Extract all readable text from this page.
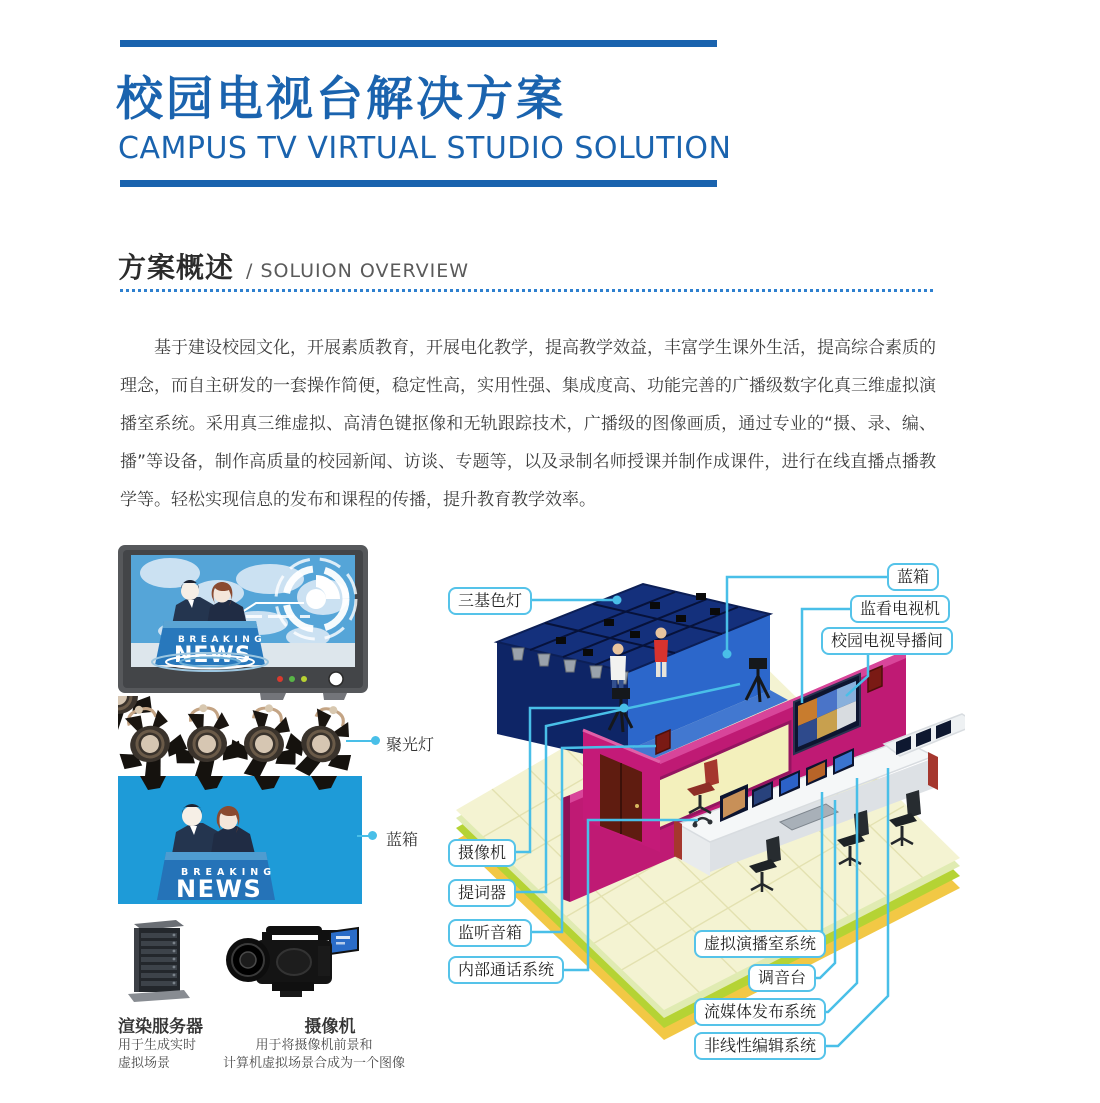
校园电视台解决方案
CAMPUS TV VIRTUAL STUDIO SOLUTION
方案概述 / SOLUION OVERVIEW

基于建设校园文化，开展素质教育，开展电化教学，提高教学效益，丰富学生课外生活，提高综合素质的理念，而自主研发的一套操作简便，稳定性高，实用性强、集成度高、功能完善的广播级数字化真三维虚拟演播室系统。采用真三维虚拟、高清色键抠像和无轨跟踪技术，广播级的图像画质，通过专业的“摄、录、编、播”等设备，制作高质量的校园新闻、访谈、专题等，以及录制名师授课并制作成课件，进行在线直播点播教学等。轻松实现信息的发布和课程的传播，提升教育教学效率。

BREAKING
NEWS
聚光灯
BREAKING
NEWS
蓝箱
渲染服务器
用于生成实时
虚拟场景
摄像机
用于将摄像机前景和
计算机虚拟场景合成为一个图像
三基色灯
蓝箱
监看电视机
校园电视导播间
摄像机
提词器
监听音箱
内部通话系统
虚拟演播室系统
调音台
流媒体发布系统
非线性编辑系统
